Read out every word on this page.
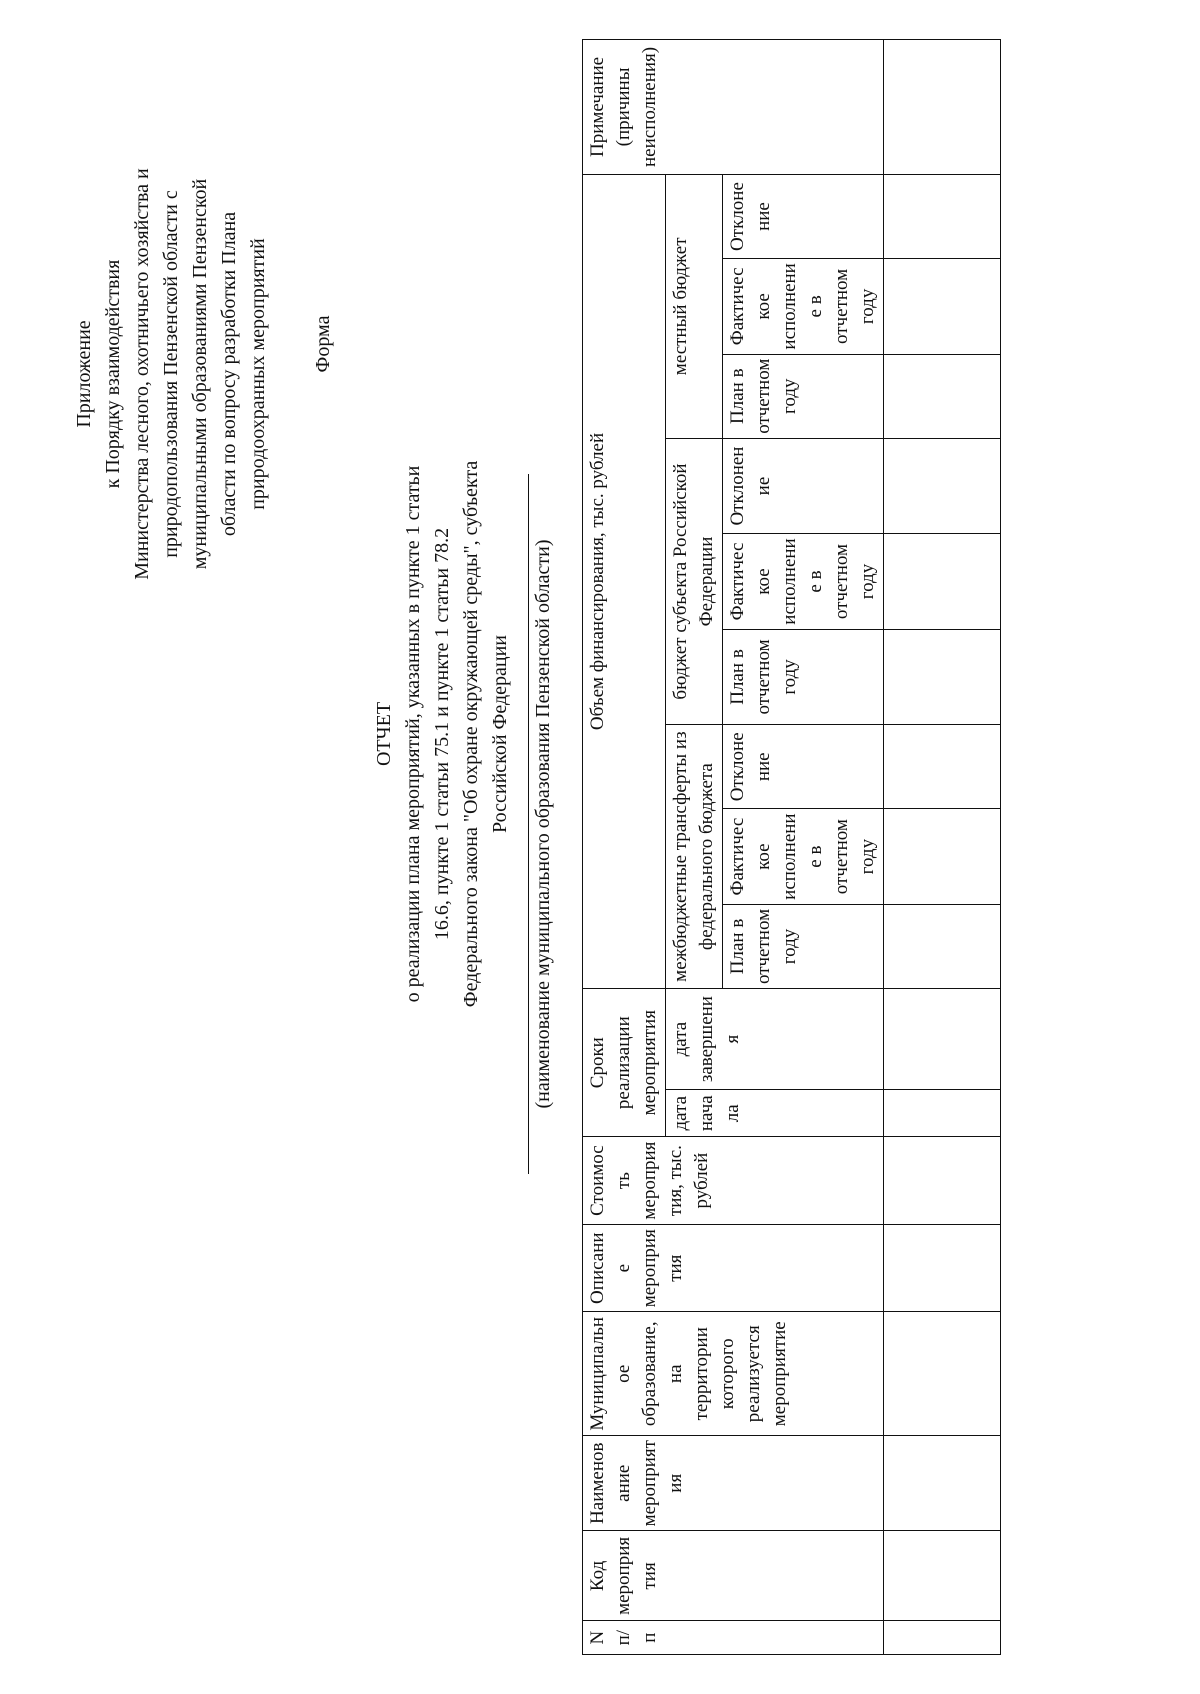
Приложение к Порядку взаимодействия Министерства лесного, охотничьего хозяйства и природопользования Пензенской области с муниципальными образованиями Пензенской области по вопросу разработки Плана природоохранных мероприятий Форма
ОТЧЕТ о реализации плана мероприятий, указанных в пункте 1 статьи 16.6, пункте 1 статьи 75.1 и пункте 1 статьи 78.2 Федерального закона "Об охране окружающей среды", субъекта Российской Федерации (наименование муниципального образования Пензенской области)
N п/п	Код мероприятия	Наименование мероприятия	Муниципальное образование, на территории которого реализуется мероприятие	Описание мероприятия	Стоимость мероприятия, тыс. рублей	Сроки реализации мероприятия		Объем финансирования, тыс. рублей									Примечание (причины неисполнения)
						дата начала	дата завершения	межбюджетные трансферты из федерального бюджета			бюджет субъекта Российской Федерации			местный бюджет			
								План в отчетном году	Фактическое исполнение в отчетном году	Отклонение	План в отчетном году	Фактическое исполнение в отчетном году	Отклонение	План в отчетном году	Фактическое исполнение в отчетном году	Отклонение	
